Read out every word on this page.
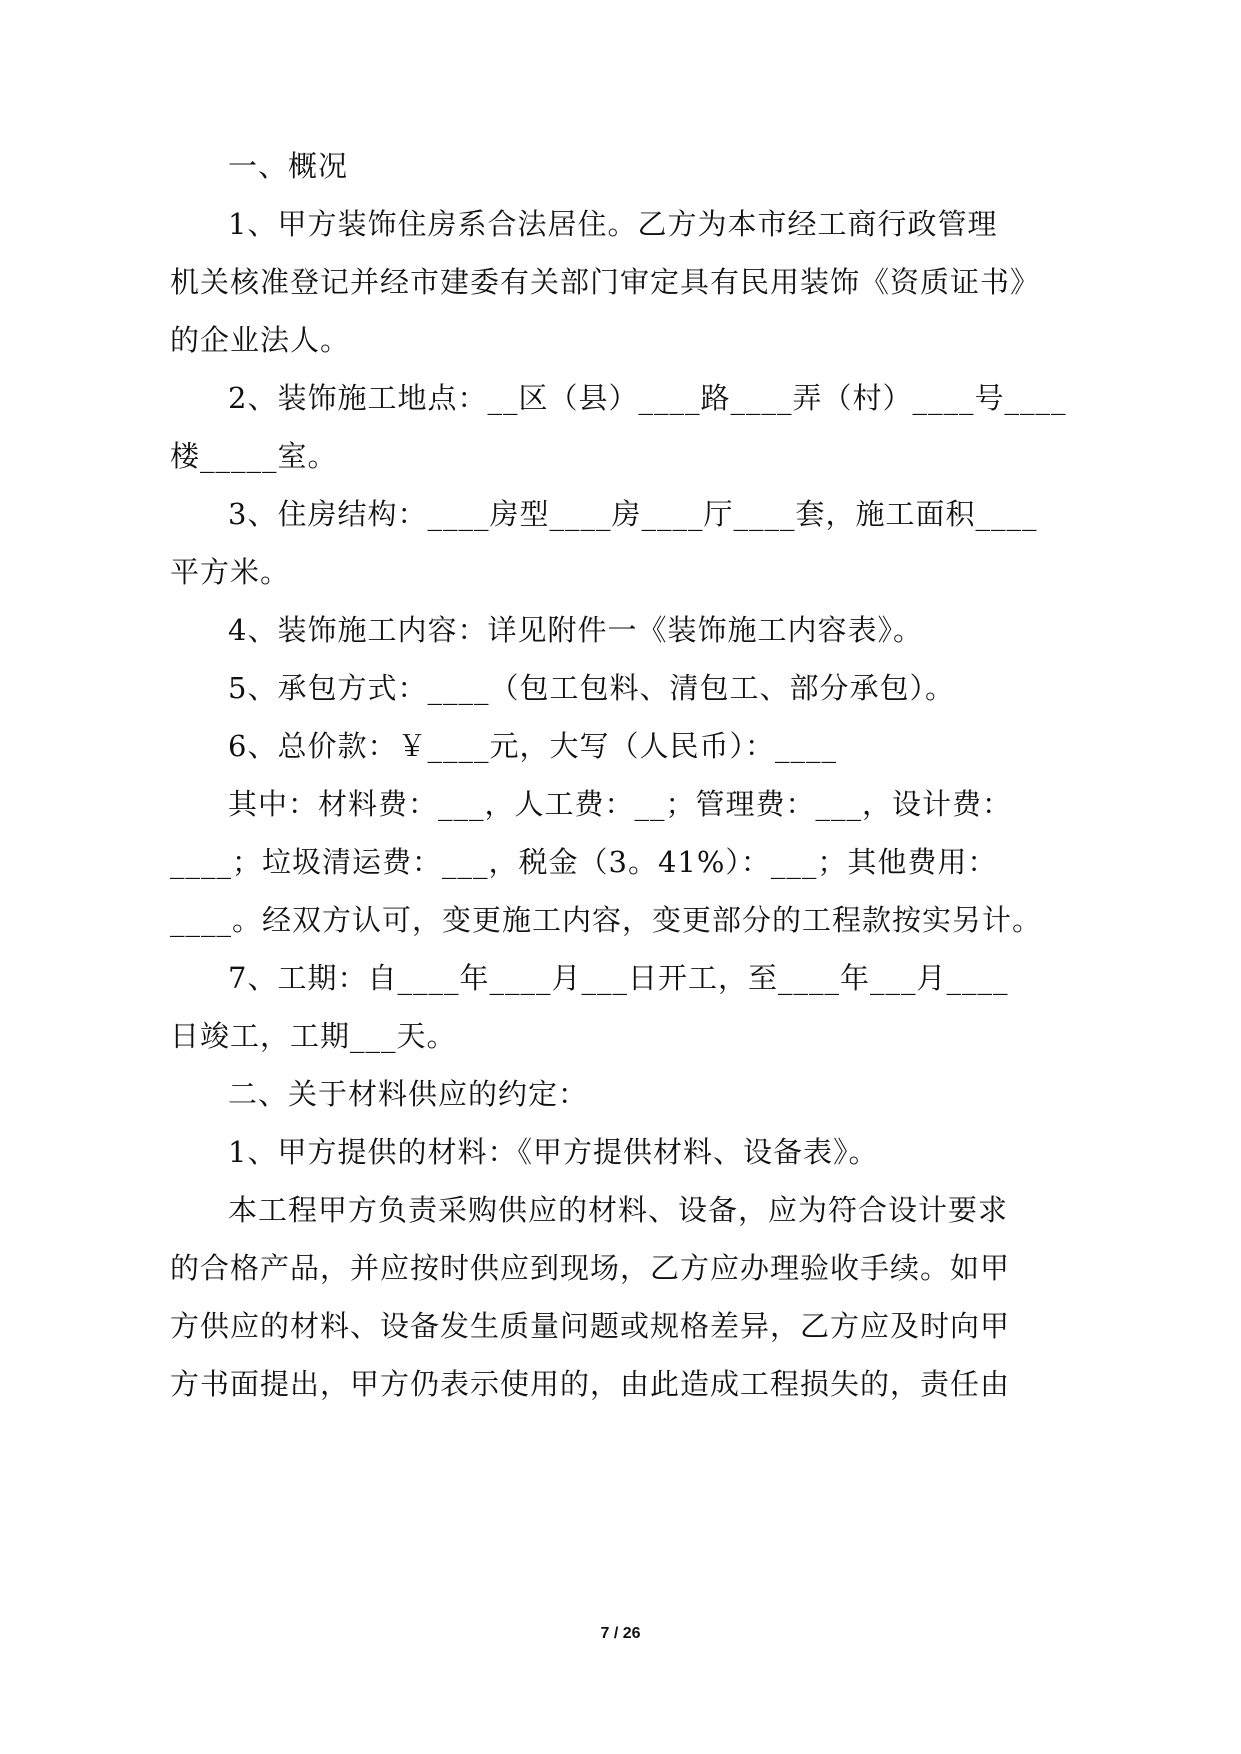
一、概况
1、甲方装饰住房系合法居住。乙方为本市经工商行政管理
机关核准登记并经市建委有关部门审定具有民用装饰《资质证书》
的企业法人。
2、装饰施工地点：__区（县）____路____弄（村）____号____
楼_____室。
3、住房结构：____房型____房____厅____套，施工面积____
平方米。
4、装饰施工内容：详见附件一《装饰施工内容表》。
5、承包方式：____（包工包料、清包工、部分承包）。
6、总价款：￥____元，大写（人民币）：____
其中：材料费：___，人工费：__；管理费：___，设计费：
____；垃圾清运费：___，税金（3。41%）：___；其他费用：
____。经双方认可，变更施工内容，变更部分的工程款按实另计。
7、工期：自____年____月___日开工，至____年___月____
日竣工，工期___天。
二、关于材料供应的约定：
1、甲方提供的材料：《甲方提供材料、设备表》。
本工程甲方负责采购供应的材料、设备，应为符合设计要求
的合格产品，并应按时供应到现场，乙方应办理验收手续。如甲
方供应的材料、设备发生质量问题或规格差异，乙方应及时向甲
方书面提出，甲方仍表示使用的，由此造成工程损失的，责任由
7 / 26
